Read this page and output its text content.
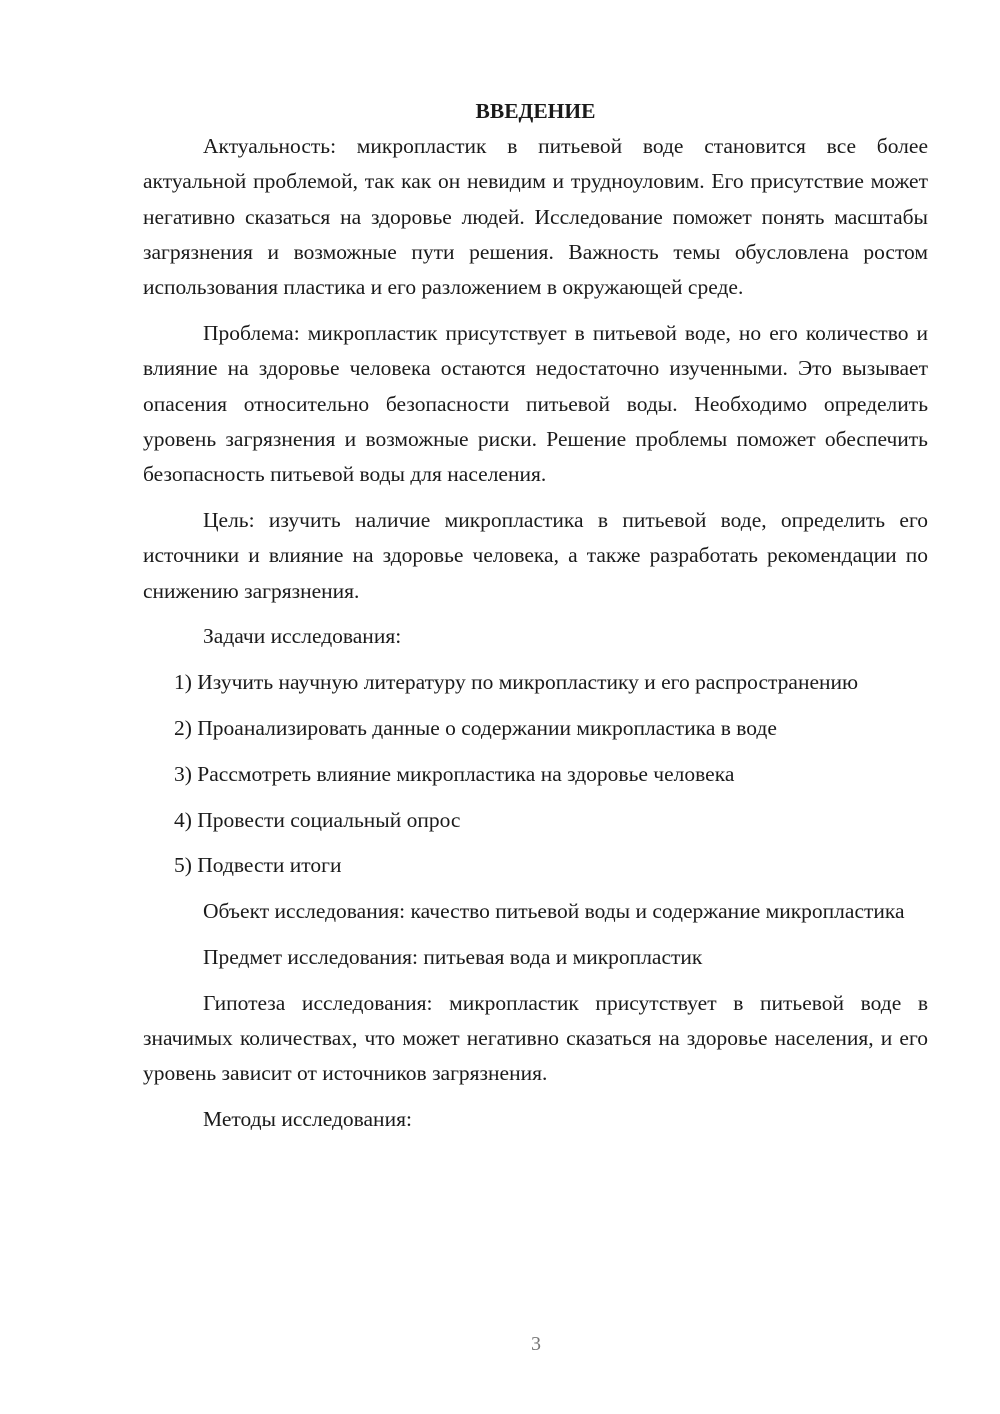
ВВЕДЕНИЕ

Актуальность: микропластик в питьевой воде становится все более актуальной проблемой, так как он невидим и трудноуловим. Его присутствие может негативно сказаться на здоровье людей. Исследование поможет понять масштабы загрязнения и возможные пути решения. Важность темы обусловлена ростом использования пластика и его разложением в окружающей среде.

Проблема: микропластик присутствует в питьевой воде, но его количество и влияние на здоровье человека остаются недостаточно изученными. Это вызывает опасения относительно безопасности питьевой воды. Необходимо определить уровень загрязнения и возможные риски. Решение проблемы поможет обеспечить безопасность питьевой воды для населения.

Цель: изучить наличие микропластика в питьевой воде, определить его источники и влияние на здоровье человека, а также разработать рекомендации по снижению загрязнения.

Задачи исследования:

1) Изучить научную литературу по микропластику и его распространению

2) Проанализировать данные о содержании микропластика в воде

3) Рассмотреть влияние микропластика на здоровье человека

4) Провести социальный опрос

5) Подвести итоги

Объект исследования: качество питьевой воды и содержание микропластика

Предмет исследования: питьевая вода и микропластик

Гипотеза исследования: микропластик присутствует в питьевой воде в значимых количествах, что может негативно сказаться на здоровье населения, и его уровень зависит от источников загрязнения.

Методы исследования:

3
